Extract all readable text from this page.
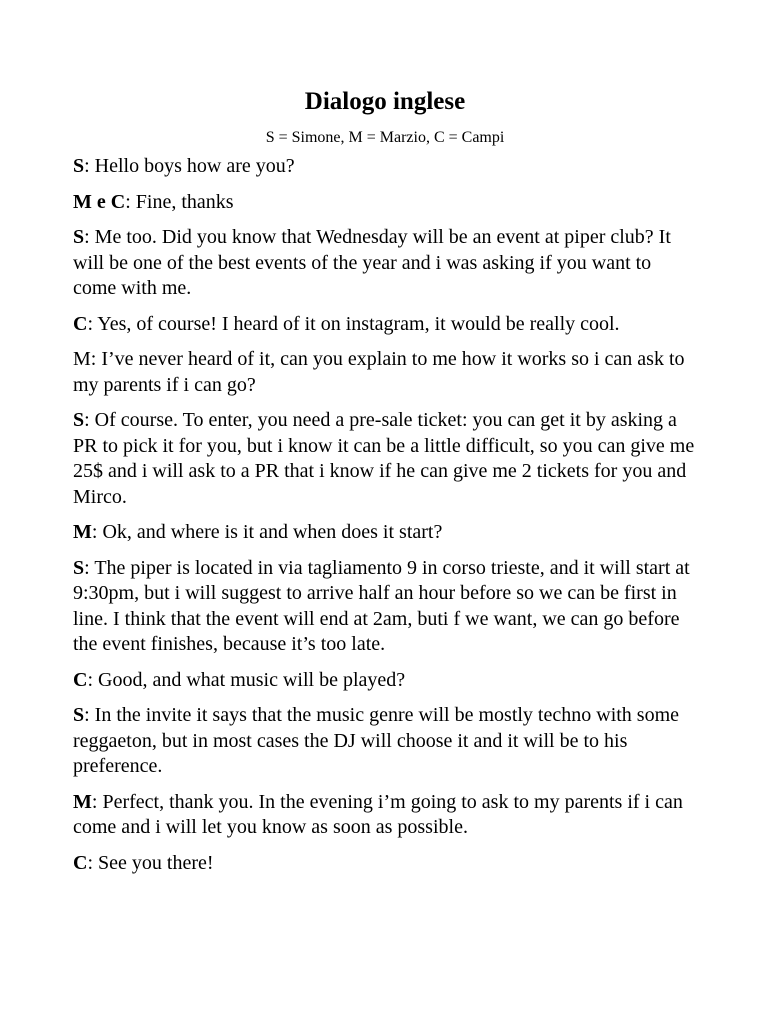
Dialogo inglese
S = Simone, M = Marzio, C = Campi

S: Hello boys how are you?

M e C: Fine, thanks

S: Me too. Did you know that Wednesday will be an event at piper club? It will be one of the best events of the year and i was asking if you want to come with me.

C: Yes, of course! I heard of it on instagram, it would be really cool.

M: I’ve never heard of it, can you explain to me how it works so i can ask to my parents if i can go?

S: Of course. To enter, you need a pre-sale ticket: you can get it by asking a PR to pick it for you, but i know it can be a little difficult, so you can give me 25$ and i will ask to a PR that i know if he can give me 2 tickets for you and Mirco.

M: Ok, and where is it and when does it start?

S: The piper is located in via tagliamento 9 in corso trieste, and it will start at 9:30pm, but i will suggest to arrive half an hour before so we can be first in line. I think that the event will end at 2am, buti f we want, we can go before the event finishes, because it’s too late.

C: Good, and what music will be played?

S: In the invite it says that the music genre will be mostly techno with some reggaeton, but in most cases the DJ will choose it and it will be to his preference.

M: Perfect, thank you. In the evening i’m going to ask to my parents if i can come and i will let you know as soon as possible.

C: See you there!
